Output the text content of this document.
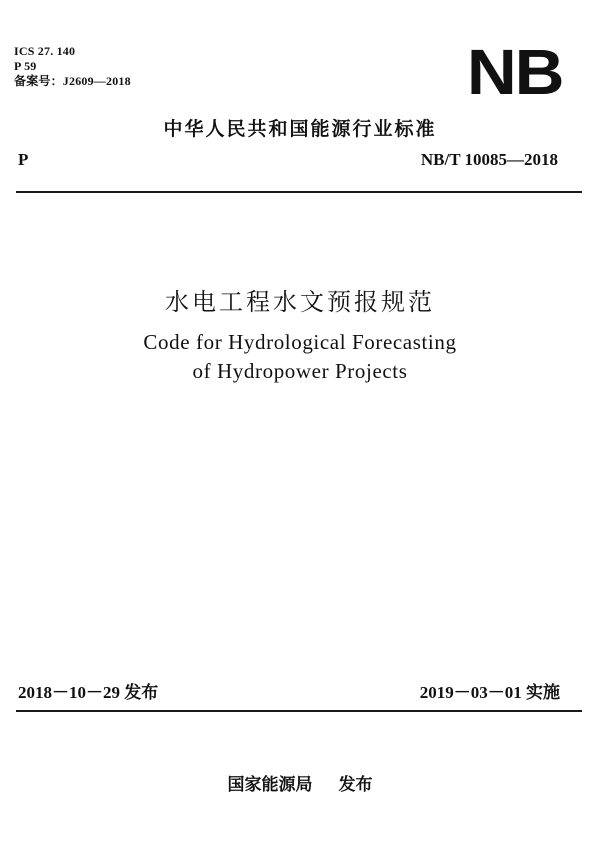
ICS 27. 140
P 59
备案号：J2609—2018	NB
中华人民共和国能源行业标准
P	NB/T 10085—2018
水电工程水文预报规范
Code for Hydrological Forecasting
of Hydropower Projects
2018－10－29 发布	2019－03－01 实施
国家能源局 发布
